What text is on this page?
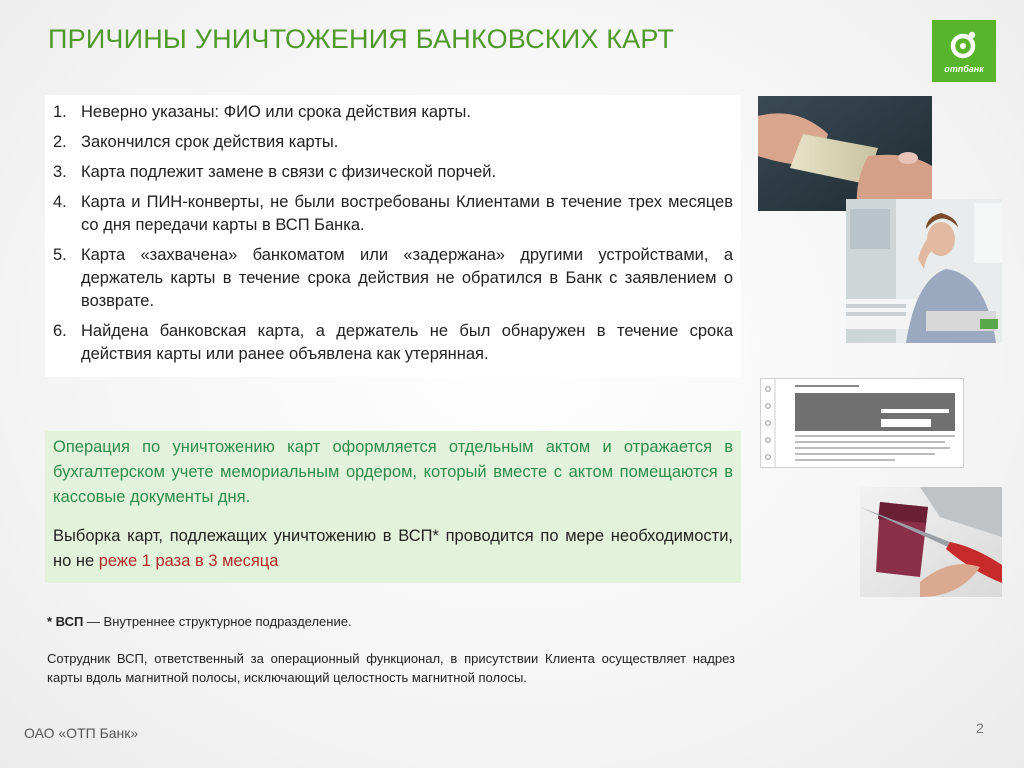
ПРИЧИНЫ УНИЧТОЖЕНИЯ БАНКОВСКИХ КАРТ
отпбанк
1. Неверно указаны: ФИО или срока действия карты.
2. Закончился срок действия карты.
3. Карта подлежит замене в связи с физической порчей.
4. Карта и ПИН-конверты, не были востребованы Клиентами в течение трех месяцев со дня передачи карты в ВСП Банка.
5. Карта «захвачена» банкоматом или «задержана» другими устройствами, а держатель карты в течение срока действия не обратился в Банк с заявлением о возврате.
6. Найдена банковская карта, а держатель не был обнаружен в течение срока действия карты или ранее объявлена как утерянная.

Операция по уничтожению карт оформляется отдельным актом и отражается в бухгалтерском учете мемориальным ордером, который вместе с актом помещаются в кассовые документы дня.

Выборка карт, подлежащих уничтожению в ВСП* проводится по мере необходимости, но не реже 1 раза в 3 месяца

* ВСП — Внутреннее структурное подразделение.
Сотрудник ВСП, ответственный за операционный функционал, в присутствии Клиента осуществляет надрез карты вдоль магнитной полосы, исключающий целостность магнитной полосы.
ОАО «ОТП Банк»	2
